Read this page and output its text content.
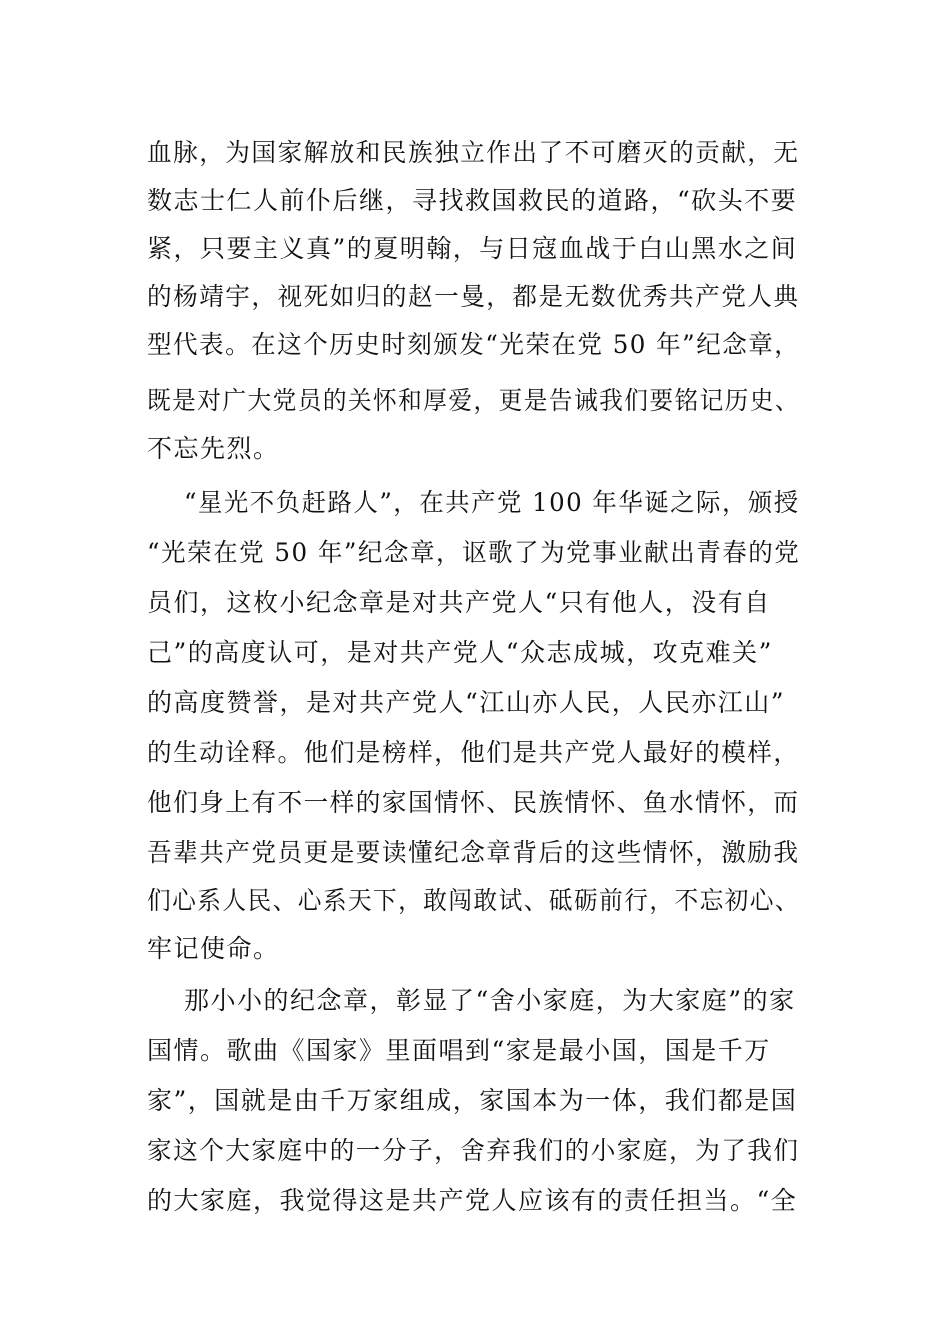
血脉，为国家解放和民族独立作出了不可磨灭的贡献，无

数志士仁人前仆后继，寻找救国救民的道路，“砍头不要

紧，只要主义真”的夏明翰，与日寇血战于白山黑水之间

的杨靖宇，视死如归的赵一曼，都是无数优秀共产党人典

型代表。在这个历史时刻颁发“光荣在党 50 年”纪念章，

既是对广大党员的关怀和厚爱，更是告诫我们要铭记历史、

不忘先烈。

“星光不负赶路人”，在共产党 100 年华诞之际，颁授

“光荣在党 50 年”纪念章，讴歌了为党事业献出青春的党

员们，这枚小纪念章是对共产党人“只有他人，没有自

己”的高度认可，是对共产党人“众志成城，攻克难关”

的高度赞誉，是对共产党人“江山亦人民，人民亦江山”

的生动诠释。他们是榜样，他们是共产党人最好的模样，

他们身上有不一样的家国情怀、民族情怀、鱼水情怀，而

吾辈共产党员更是要读懂纪念章背后的这些情怀，激励我

们心系人民、心系天下，敢闯敢试、砥砺前行，不忘初心、

牢记使命。

那小小的纪念章，彰显了“舍小家庭，为大家庭”的家

国情。歌曲《国家》里面唱到“家是最小国，国是千万

家”，国就是由千万家组成，家国本为一体，我们都是国

家这个大家庭中的一分子，舍弃我们的小家庭，为了我们

的大家庭，我觉得这是共产党人应该有的责任担当。“全
